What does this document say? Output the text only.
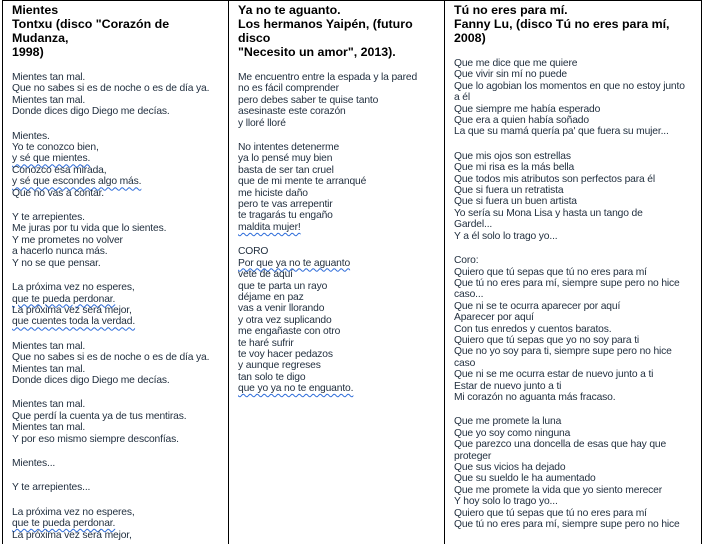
Mientes
Tontxu (disco "Corazón de Mudanza,
1998)
Mientes tan mal.
Que no sabes si es de noche o es de día ya.
Mientes tan mal.
Donde dices digo Diego me decías.
Mientes.
Yo te conozco bien,
y sé que mientes.
Conozco esa mirada,
y sé que escondes algo más.
Que no vas a contar.
Y te arrepientes.
Me juras por tu vida que lo sientes.
Y me prometes no volver
a hacerlo nunca más.
Y no se que pensar.
La próxima vez no esperes,
que te pueda perdonar.
La próxima vez será mejor,
que cuentes toda la verdad.
Mientes tan mal.
Que no sabes si es de noche o es de día ya.
Mientes tan mal.
Donde dices digo Diego me decías.
Mientes tan mal.
Que perdí la cuenta ya de tus mentiras.
Mientes tan mal.
Y por eso mismo siempre desconfías.
Mientes...
Y te arrepientes...
La próxima vez no esperes,
que te pueda perdonar.
La próxima vez será mejor,
Ya no te aguanto.
Los hermanos Yaipén, (futuro disco
"Necesito un amor", 2013).
Me encuentro entre la espada y la pared
no es fácil comprender
pero debes saber te quise tanto
asesinaste este corazón
y lloré lloré
No intentes detenerme
ya lo pensé muy bien
basta de ser tan cruel
que de mi mente te arranqué
me hiciste daño
pero te vas arrepentir
te tragarás tu engaño
maldita mujer!
CORO
Por que ya no te aguanto
vete de aquí
que te parta un rayo
déjame en paz
vas a venir llorando
y otra vez suplicando
me engañaste con otro
te haré sufrir
te voy hacer pedazos
y aunque regreses
tan solo te digo
que yo ya no te enguanto.
Tú no eres para mí.
Fanny Lu, (disco Tú no eres para mí, 2008)
Que me dice que me quiere
Que vivir sin mí no puede
Que lo agobian los momentos en que no estoy junto
a él
Que siempre me había esperado
Que era a quien había soñado
La que su mamá quería pa' que fuera su mujer...
Que mis ojos son estrellas
Que mi risa es la más bella
Que todos mis atributos son perfectos para él
Que si fuera un retratista
Que si fuera un buen artista
Yo sería su Mona Lisa y hasta un tango de
Gardel...
Y a él solo lo trago yo...
Coro:
Quiero que tú sepas que tú no eres para mí
Que tú no eres para mí, siempre supe pero no hice
caso...
Que ni se te ocurra aparecer por aquí
Aparecer por aquí
Con tus enredos y cuentos baratos.
Quiero que tú sepas que yo no soy para ti
Que no yo soy para ti, siempre supe pero no hice
caso
Que ni se me ocurra estar de nuevo junto a ti
Estar de nuevo junto a ti
Mi corazón no aguanta más fracaso.
Que me promete la luna
Que yo soy como ninguna
Que parezco una doncella de esas que hay que
proteger
Que sus vicios ha dejado
Que su sueldo le ha aumentado
Que me promete la vida que yo siento merecer
Y hoy solo lo trago yo...
Quiero que tú sepas que tú no eres para mí
Que tú no eres para mí, siempre supe pero no hice
